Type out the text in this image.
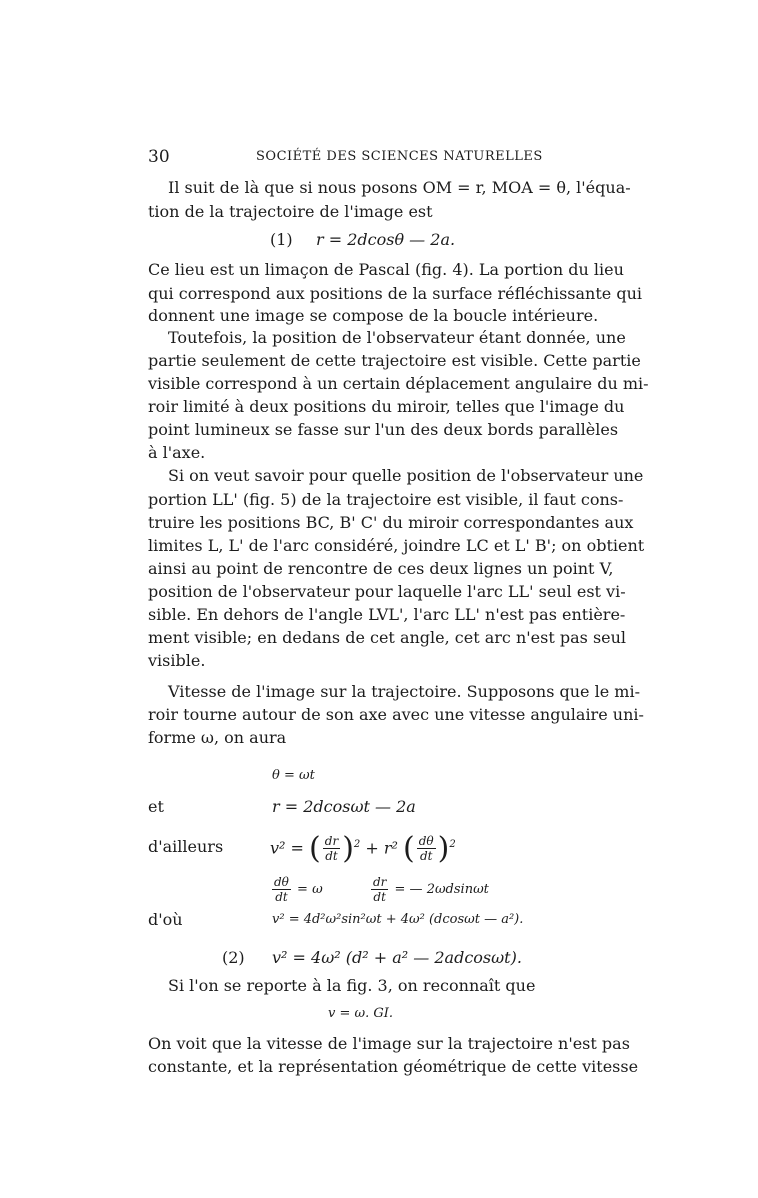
30	SOCIÉTÉ DES SCIENCES NATURELLES
Il suit de là que si nous posons OM = r, MOA = θ, l'équa-
tion de la trajectoire de l'image est
(1) r = 2dcosθ — 2a.
Ce lieu est un limaçon de Pascal (fig. 4). La portion du lieu
qui correspond aux positions de la surface réfléchissante qui
donnent une image se compose de la boucle intérieure.
Toutefois, la position de l'observateur étant donnée, une
partie seulement de cette trajectoire est visible. Cette partie
visible correspond à un certain déplacement angulaire du mi-
roir limité à deux positions du miroir, telles que l'image du
point lumineux se fasse sur l'un des deux bords parallèles
à l'axe.
Si on veut savoir pour quelle position de l'observateur une
portion LL' (fig. 5) de la trajectoire est visible, il faut cons-
truire les positions BC, B' C' du miroir correspondantes aux
limites L, L' de l'arc considéré, joindre LC et L' B'; on obtient
ainsi au point de rencontre de ces deux lignes un point V,
position de l'observateur pour laquelle l'arc LL' seul est vi-
sible. En dehors de l'angle LVL', l'arc LL' n'est pas entière-
ment visible; en dedans de cet angle, cet arc n'est pas seul
visible.
Vitesse de l'image sur la trajectoire. Supposons que le mi-
roir tourne autour de son axe avec une vitesse angulaire uni-
forme ω, on aura
θ = ωt
et	r = 2dcosωt — 2a
d'ailleurs	v² = ( $\frac{dr}{dt} )^2 + r^2$ ( $\frac{d\theta}{dt} )^2$
$\frac{d\theta}{dt} = \omega$	$\frac{dr}{dt}$ = — 2ωdsinωt
d'où	v² = 4d²ω²sin²ωt + 4ω² (dcosωt — a²).
(2) v² = 4ω² (d² + a² — 2adcosωt).
Si l'on se reporte à la fig. 3, on reconnaît que
v = ω. GI.
On voit que la vitesse de l'image sur la trajectoire n'est pas
constante, et la représentation géométrique de cette vitesse
